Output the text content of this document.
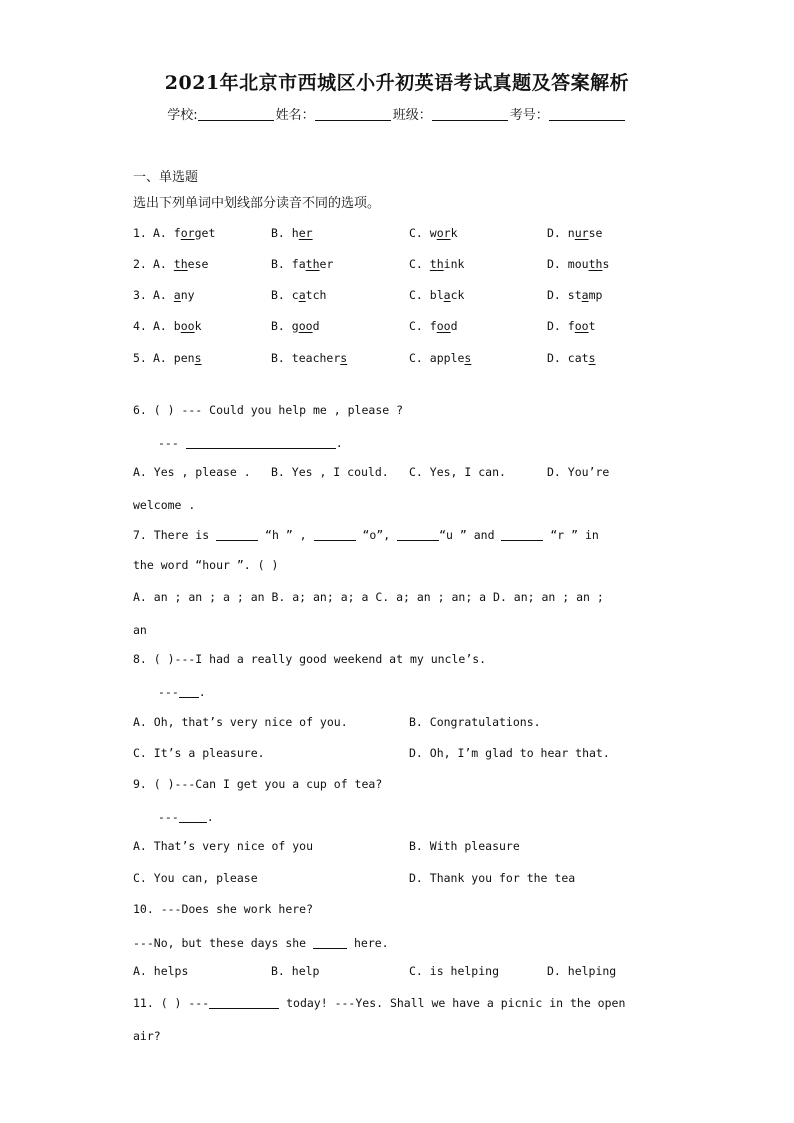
2021年北京市西城区小升初英语考试真题及答案解析
学校:	姓名：	班级：	考号：
一、单选题
选出下列单词中划线部分读音不同的选项。
1. A. forget	B. her	C. work	D. nurse
2. A. these	B. father	C. think	D. mouths
3. A. any	B. catch	C. black	D. stamp
4. A. book	B. good	C. food	D. foot
5. A. pens	B. teachers	C. apples	D. cats
6. ( ) --- Could you help me , please ?
---	.
A. Yes , please . B. Yes , I could. C. Yes, I can.	D. You’re
welcome .
7. There is	“h ” ,	“o”,	“u ” and	“r ” in
the word “hour ”. ( )
A. an ; an ; a ; an B. a; an; a; a C. a; an ; an; a D. an; an ; an ;
an
8. ( )---I had a really good weekend at my uncle’s.
--- .
A. Oh, that’s very nice of you.	B. Congratulations.
C. It’s a pleasure.	D. Oh, I’m glad to hear that.
9. ( )---Can I get you a cup of tea?
--- .
A. That’s very nice of you	B. With pleasure
C. You can, please	D. Thank you for the tea
10. ---Does she work here?
---No, but these days she	here.
A. helps	B. help	C. is helping	D. helping
11. ( ) ---	today! ---Yes. Shall we have a picnic in the open
air?
